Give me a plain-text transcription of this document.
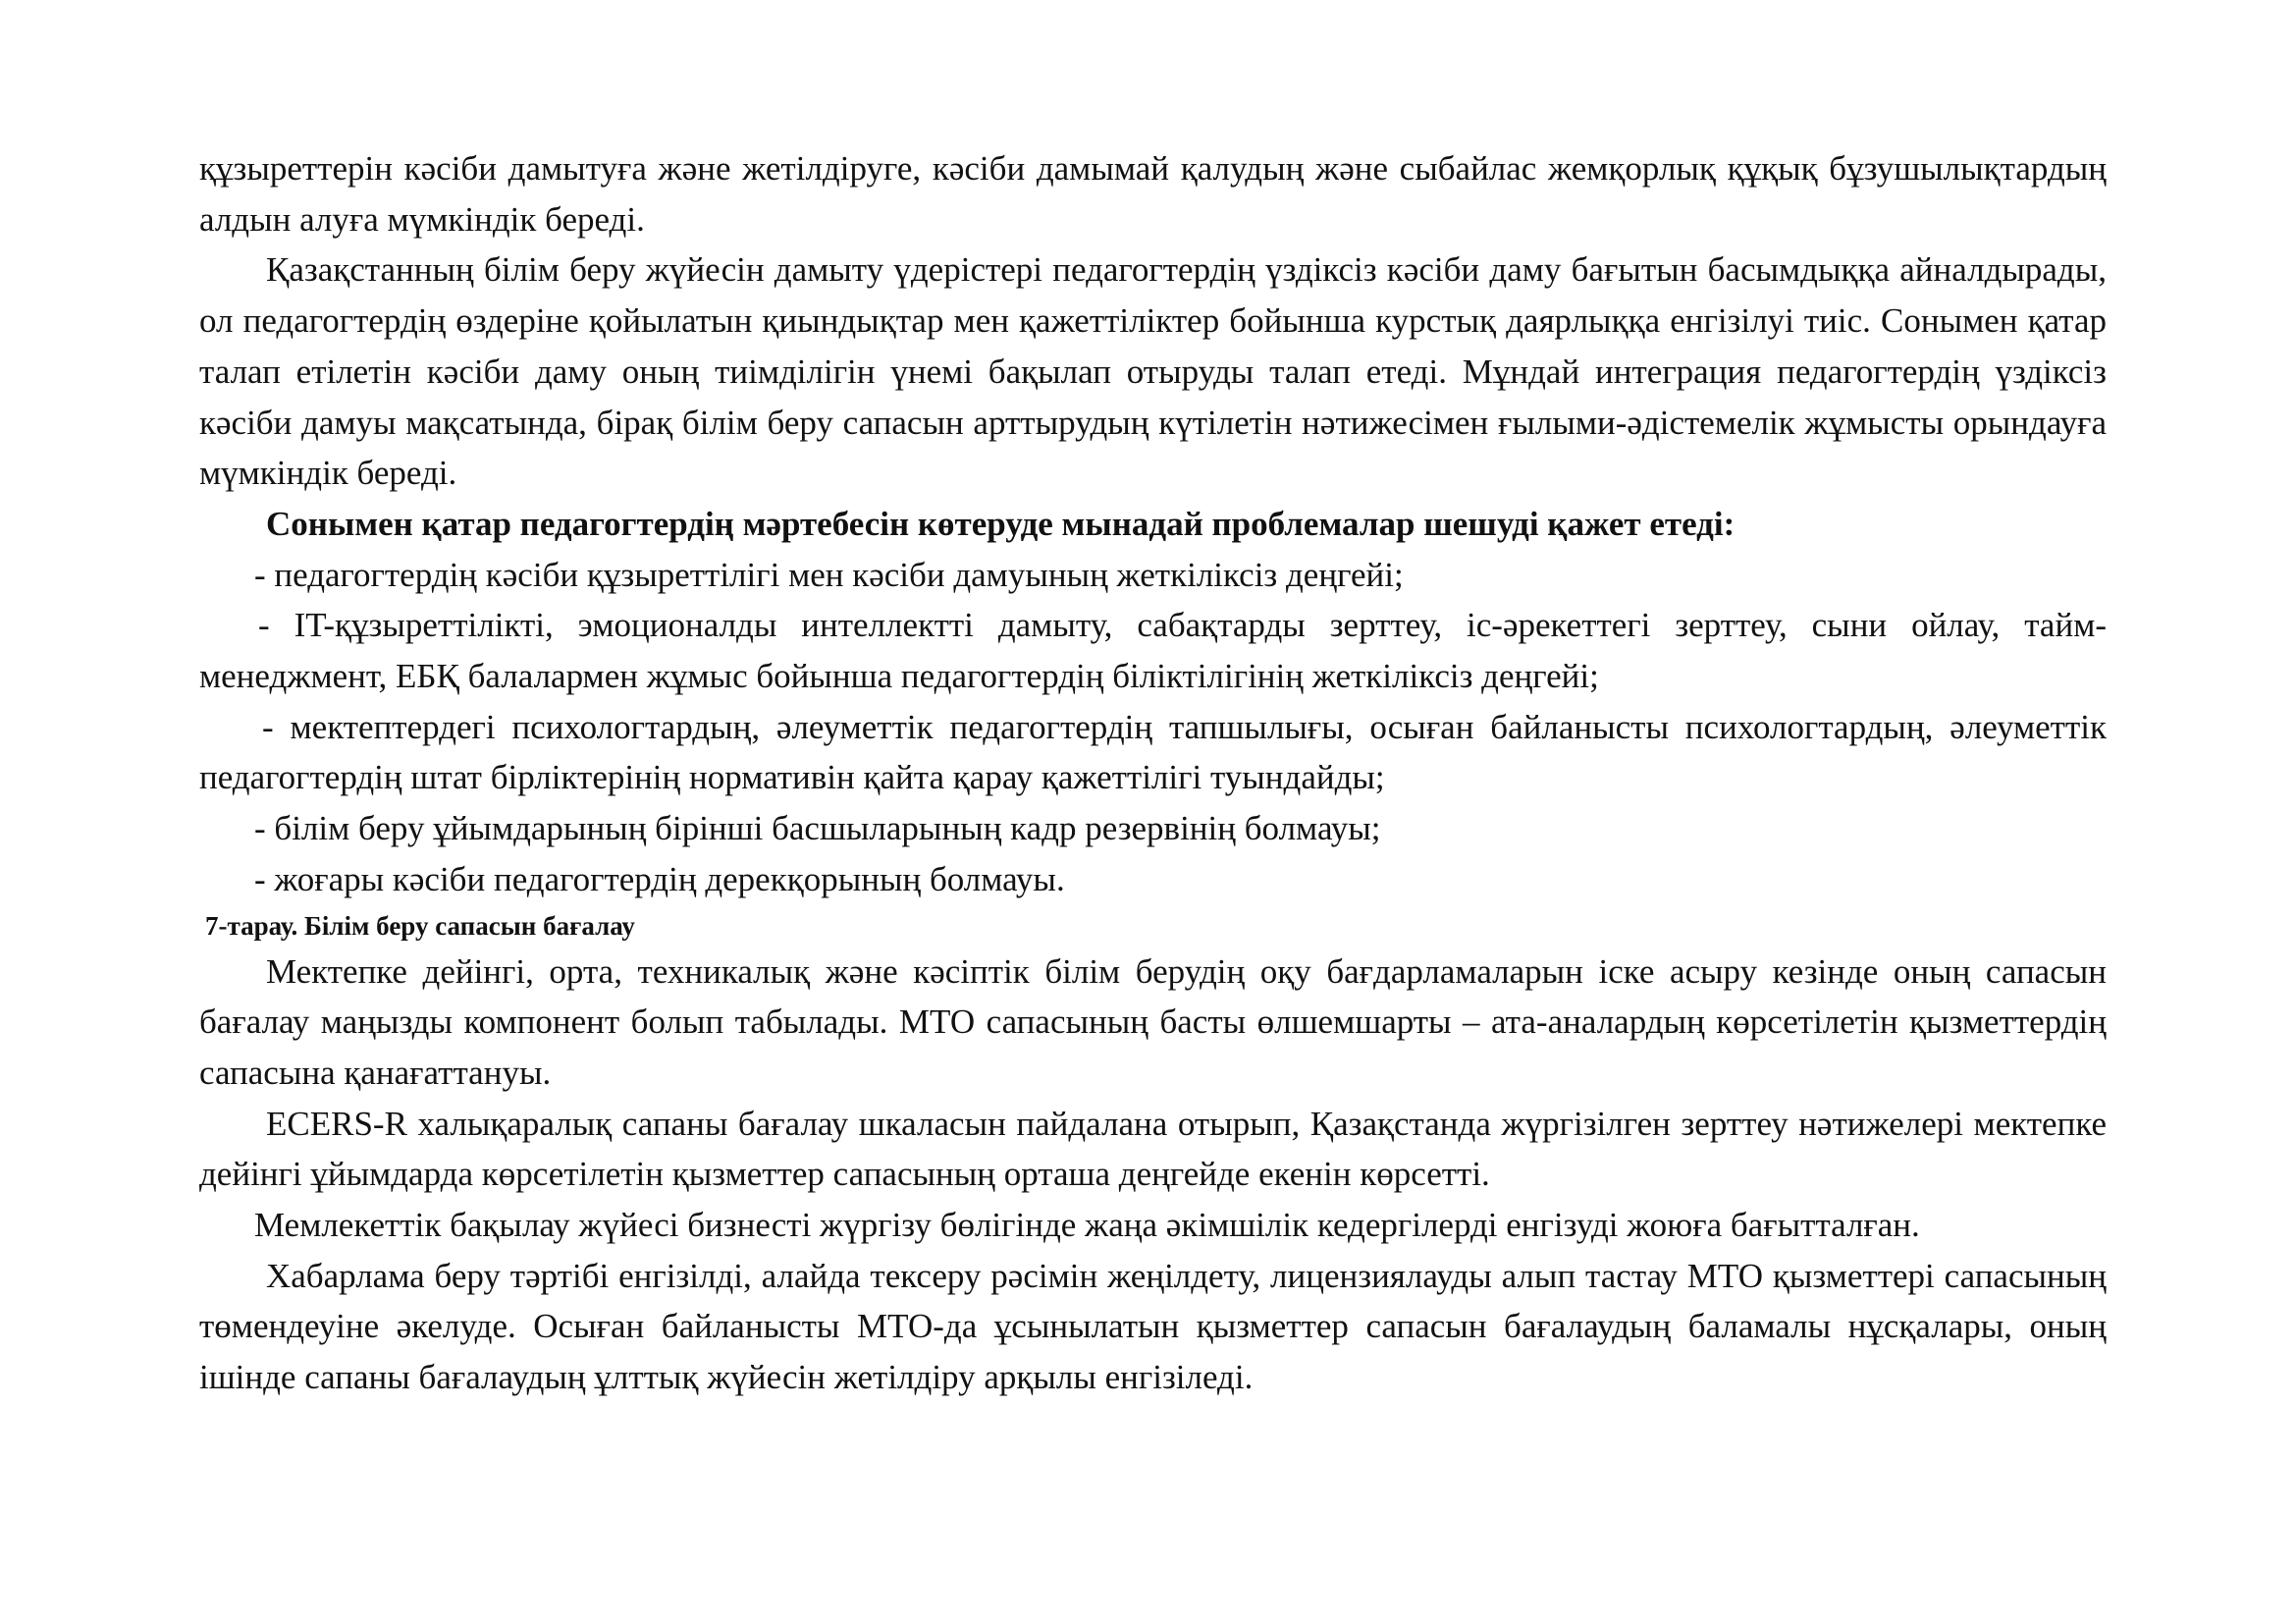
құзыреттерін кәсіби дамытуға және жетілдіруге, кәсіби дамымай қалудың және сыбайлас жемқорлық құқық бұзушылықтардың алдын алуға мүмкіндік береді.

Қазақстанның білім беру жүйесін дамыту үдерістері педагогтердің үздіксіз кәсіби даму бағытын басымдыққа айналдырады, ол педагогтердің өздеріне қойылатын қиындықтар мен қажеттіліктер бойынша курстық даярлыққа енгізілуі тиіс. Сонымен қатар талап етілетін кәсіби даму оның тиімділігін үнемі бақылап отыруды талап етеді. Мұндай интеграция педагогтердің үздіксіз кәсіби дамуы мақсатында, бірақ білім беру сапасын арттырудың күтілетін нәтижесімен ғылыми-әдістемелік жұмысты орындауға мүмкіндік береді.

Сонымен қатар педагогтердің мәртебесін көтеруде мынадай проблемалар шешуді қажет етеді:

- педагогтердің кәсіби құзыреттілігі мен кәсіби дамуының жеткіліксіз деңгейі;

- IT-құзыреттілікті, эмоционалды интеллектті дамыту, сабақтарды зерттеу, іс-әрекеттегі зерттеу, сыни ойлау, тайм-менеджмент, ЕБҚ балалармен жұмыс бойынша педагогтердің біліктілігінің жеткіліксіз деңгейі;

- мектептердегі психологтардың, әлеуметтік педагогтердің тапшылығы, осыған байланысты психологтардың, әлеуметтік педагогтердің штат бірліктерінің нормативін қайта қарау қажеттілігі туындайды;

- білім беру ұйымдарының бірінші басшыларының кадр резервінің болмауы;

- жоғары кәсіби педагогтердің дерекқорының болмауы.

7-тарау. Білім беру сапасын бағалау

Мектепке дейінгі, орта, техникалық және кәсіптік білім берудің оқу бағдарламаларын іске асыру кезінде оның сапасын бағалау маңызды компонент болып табылады. МТО сапасының басты өлшемшарты – ата-аналардың көрсетілетін қызметтердің сапасына қанағаттануы.

ECERS-R халықаралық сапаны бағалау шкаласын пайдалана отырып, Қазақстанда жүргізілген зерттеу нәтижелері мектепке дейінгі ұйымдарда көрсетілетін қызметтер сапасының орташа деңгейде екенін көрсетті.

Мемлекеттік бақылау жүйесі бизнесті жүргізу бөлігінде жаңа әкімшілік кедергілерді енгізуді жоюға бағытталған.

Хабарлама беру тәртібі енгізілді, алайда тексеру рәсімін жеңілдету, лицензиялауды алып тастау МТО қызметтері сапасының төмендеуіне әкелуде. Осыған байланысты МТО-да ұсынылатын қызметтер сапасын бағалаудың баламалы нұсқалары, оның ішінде сапаны бағалаудың ұлттық жүйесін жетілдіру арқылы енгізіледі.
